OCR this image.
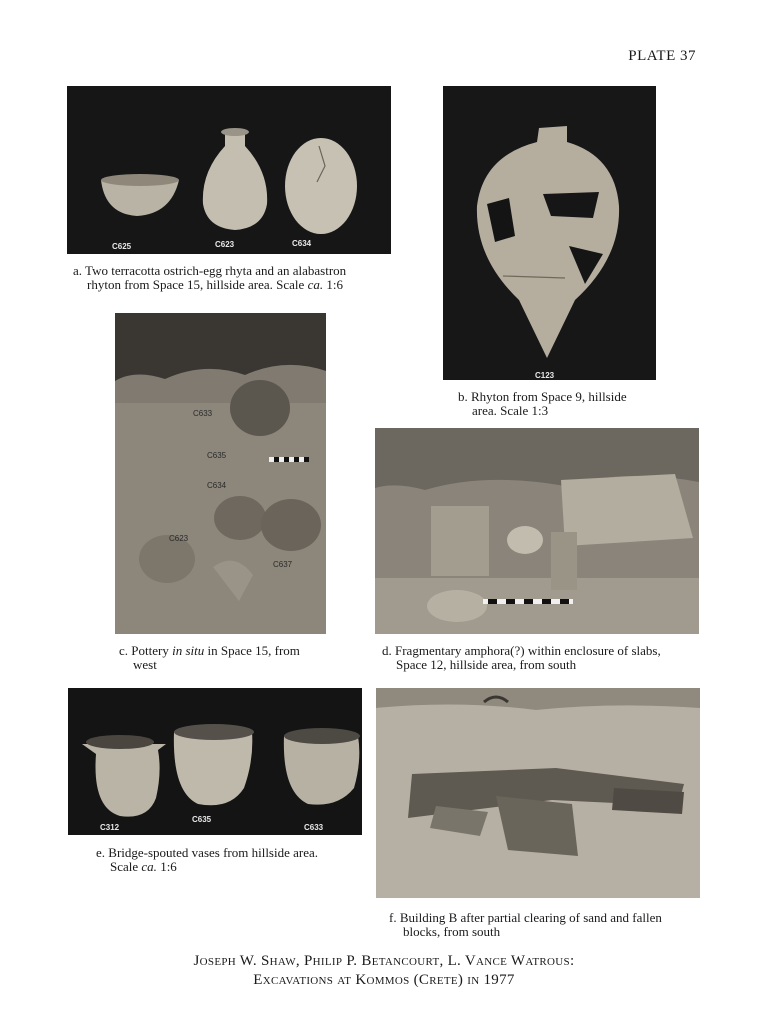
PLATE 37
C625	C623	C634
a. Two terracotta ostrich-egg rhyta and an alabastron
rhyton from Space 15, hillside area. Scale ca. 1:6
C123
b. Rhyton from Space 9, hillside
area. Scale 1:3
C633
C635
C634
C623
C637
c. Pottery in situ in Space 15, from
west
d. Fragmentary amphora(?) within enclosure of slabs,
Space 12, hillside area, from south
C312
C635
C633
e. Bridge-spouted vases from hillside area.
Scale ca. 1:6
f. Building B after partial clearing of sand and fallen
blocks, from south
Joseph W. Shaw, Philip P. Betancourt, L. Vance Watrous:
Excavations at Kommos (Crete) in 1977
